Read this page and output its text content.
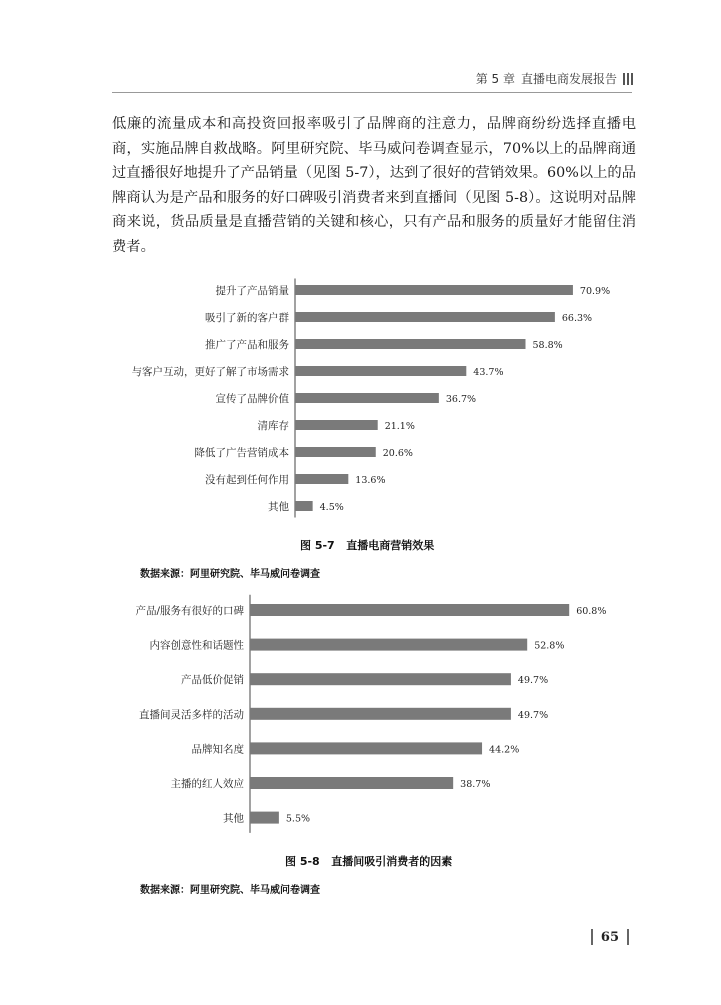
第 5 章 直播电商发展报告

低廉的流量成本和高投资回报率吸引了品牌商的注意力，品牌商纷纷选择直播电商，实施品牌自救战略。阿里研究院、毕马威问卷调查显示，70%以上的品牌商通过直播很好地提升了产品销量（见图 5-7），达到了很好的营销效果。60%以上的品牌商认为是产品和服务的好口碑吸引消费者来到直播间（见图 5-8）。这说明对品牌商来说，货品质量是直播营销的关键和核心，只有产品和服务的质量好才能留住消费者。

提升了产品销量	70.9%
吸引了新的客户群	66.3%
推广了产品和服务	58.8%
与客户互动，更好了解了市场需求	43.7%
宣传了品牌价值	36.7%
清库存	21.1%
降低了广告营销成本	20.6%
没有起到任何作用	13.6%
其他	4.5%
图 5-7 直播电商营销效果
数据来源：阿里研究院、毕马威问卷调查
产品/服务有很好的口碑	60.8%
内容创意性和话题性	52.8%
产品低价促销	49.7%
直播间灵活多样的活动	49.7%
品牌知名度	44.2%
主播的红人效应	38.7%
其他	5.5%
图 5-8 直播间吸引消费者的因素
数据来源：阿里研究院、毕马威问卷调查
65
